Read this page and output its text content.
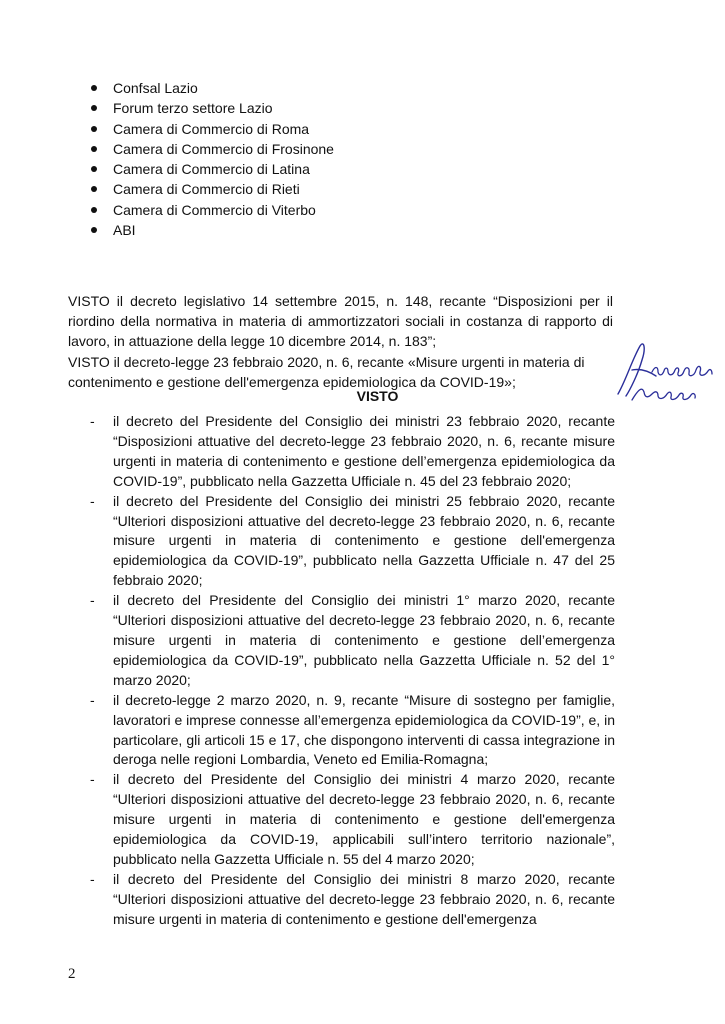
Confsal Lazio
Forum terzo settore Lazio
Camera di Commercio di Roma
Camera di Commercio di Frosinone
Camera di Commercio di Latina
Camera di Commercio di Rieti
Camera di Commercio di Viterbo
ABI

VISTO il decreto legislativo 14 settembre 2015, n. 148, recante “Disposizioni per il riordino della normativa in materia di ammortizzatori sociali in costanza di rapporto di lavoro, in attuazione della legge 10 dicembre 2014, n. 183”;

VISTO il decreto-legge 23 febbraio 2020, n. 6, recante «Misure urgenti in materia di contenimento e gestione dell'emergenza epidemiologica da COVID-19»;

VISTO
- il decreto del Presidente del Consiglio dei ministri 23 febbraio 2020, recante “Disposizioni attuative del decreto-legge 23 febbraio 2020, n. 6, recante misure urgenti in materia di contenimento e gestione dell’emergenza epidemiologica da COVID-19”, pubblicato nella Gazzetta Ufficiale n. 45 del 23 febbraio 2020;
- il decreto del Presidente del Consiglio dei ministri 25 febbraio 2020, recante “Ulteriori disposizioni attuative del decreto-legge 23 febbraio 2020, n. 6, recante misure urgenti in materia di contenimento e gestione dell'emergenza epidemiologica da COVID-19”, pubblicato nella Gazzetta Ufficiale n. 47 del 25 febbraio 2020;
- il decreto del Presidente del Consiglio dei ministri 1° marzo 2020, recante “Ulteriori disposizioni attuative del decreto-legge 23 febbraio 2020, n. 6, recante misure urgenti in materia di contenimento e gestione dell’emergenza epidemiologica da COVID-19”, pubblicato nella Gazzetta Ufficiale n. 52 del 1° marzo 2020;
- il decreto-legge 2 marzo 2020, n. 9, recante “Misure di sostegno per famiglie, lavoratori e imprese connesse all’emergenza epidemiologica da COVID-19”, e, in particolare, gli articoli 15 e 17, che dispongono interventi di cassa integrazione in deroga nelle regioni Lombardia, Veneto ed Emilia-Romagna;
- il decreto del Presidente del Consiglio dei ministri 4 marzo 2020, recante “Ulteriori disposizioni attuative del decreto-legge 23 febbraio 2020, n. 6, recante misure urgenti in materia di contenimento e gestione dell'emergenza epidemiologica da COVID-19, applicabili sull’intero territorio nazionale”, pubblicato nella Gazzetta Ufficiale n. 55 del 4 marzo 2020;
- il decreto del Presidente del Consiglio dei ministri 8 marzo 2020, recante “Ulteriori disposizioni attuative del decreto-legge 23 febbraio 2020, n. 6, recante misure urgenti in materia di contenimento e gestione dell'emergenza
2
